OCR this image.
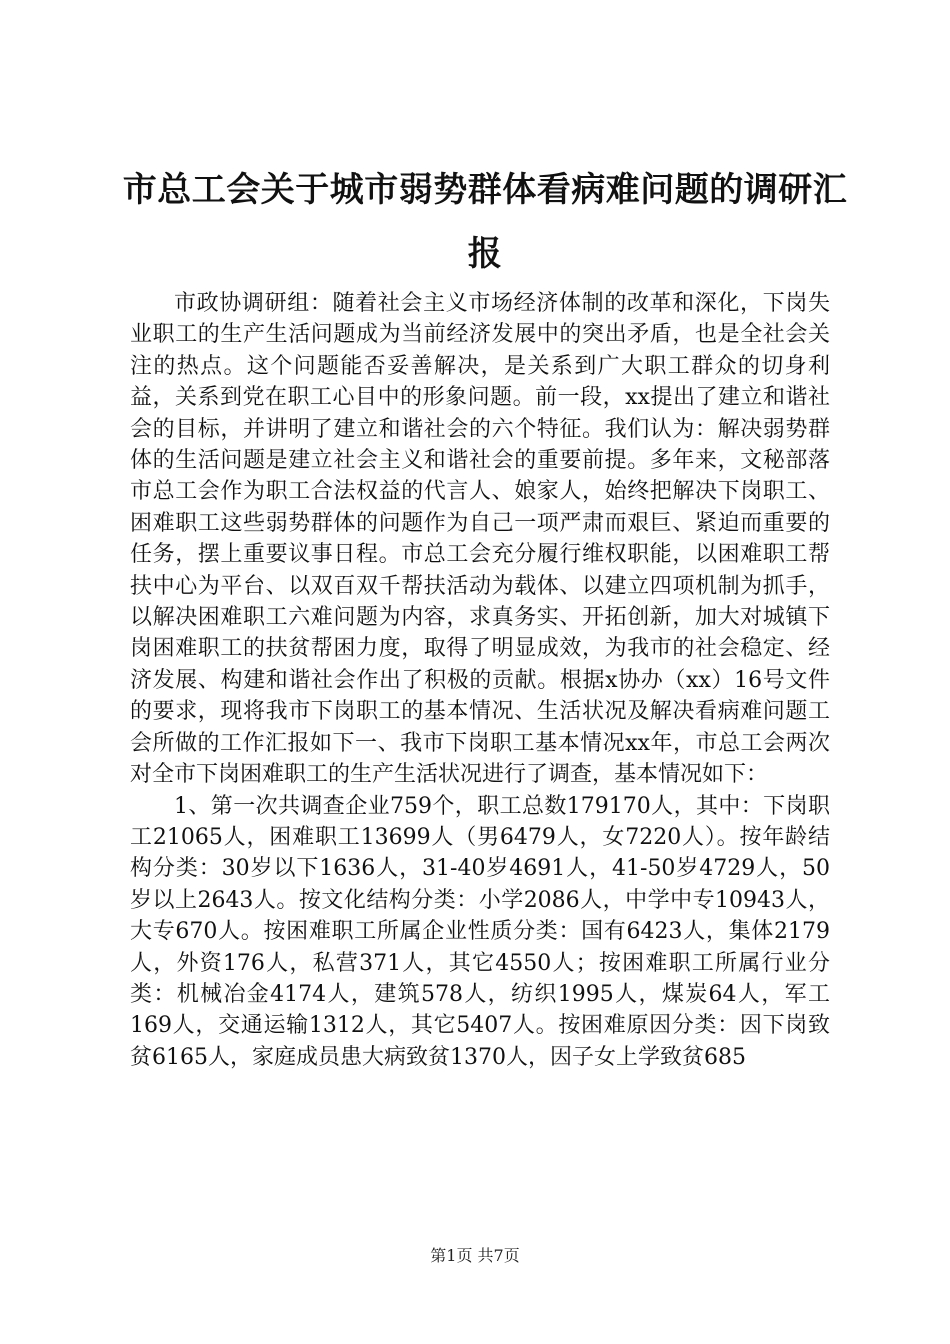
市总工会关于城市弱势群体看病难问题的调研汇报

市政协调研组：随着社会主义市场经济体制的改革和深化，下岗失业职工的生产生活问题成为当前经济发展中的突出矛盾，也是全社会关注的热点。这个问题能否妥善解决，是关系到广大职工群众的切身利益，关系到党在职工心目中的形象问题。前一段，xx提出了建立和谐社会的目标，并讲明了建立和谐社会的六个特征。我们认为：解决弱势群体的生活问题是建立社会主义和谐社会的重要前提。多年来，文秘部落市总工会作为职工合法权益的代言人、娘家人，始终把解决下岗职工、困难职工这些弱势群体的问题作为自己一项严肃而艰巨、紧迫而重要的任务，摆上重要议事日程。市总工会充分履行维权职能，以困难职工帮扶中心为平台、以双百双千帮扶活动为载体、以建立四项机制为抓手，以解决困难职工六难问题为内容，求真务实、开拓创新，加大对城镇下岗困难职工的扶贫帮困力度，取得了明显成效，为我市的社会稳定、经济发展、构建和谐社会作出了积极的贡献。根据x协办（xx）16号文件的要求，现将我市下岗职工的基本情况、生活状况及解决看病难问题工会所做的工作汇报如下一、我市下岗职工基本情况xx年，市总工会两次对全市下岗困难职工的生产生活状况进行了调查，基本情况如下：

1、第一次共调查企业759个，职工总数179170人，其中：下岗职工21065人，困难职工13699人（男6479人，女7220人）。按年龄结构分类：30岁以下1636人，31-40岁4691人，41-50岁4729人，50岁以上2643人。按文化结构分类：小学2086人，中学中专10943人，大专670人。按困难职工所属企业性质分类：国有6423人，集体2179人，外资176人，私营371人，其它4550人；按困难职工所属行业分类：机械冶金4174人，建筑578人，纺织1995人，煤炭64人，军工169人，交通运输1312人，其它5407人。按困难原因分类：因下岗致贫6165人，家庭成员患大病致贫1370人，因子女上学致贫685

第1页 共7页
